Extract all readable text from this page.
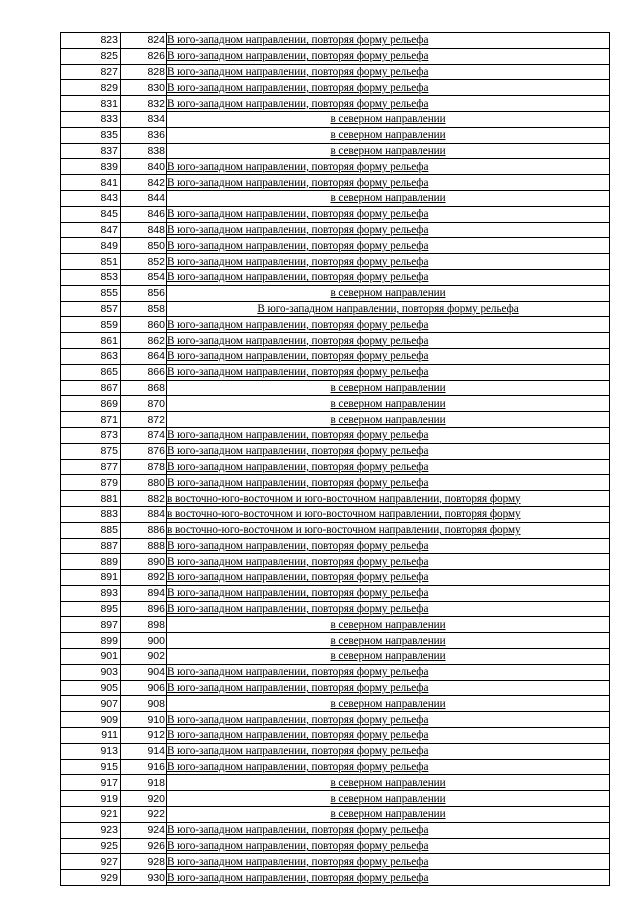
823	824	В юго-западном направлении, повторяя форму рельефа
825	826	В юго-западном направлении, повторяя форму рельефа
827	828	В юго-западном направлении, повторяя форму рельефа
829	830	В юго-западном направлении, повторяя форму рельефа
831	832	В юго-западном направлении, повторяя форму рельефа
833	834	в северном направлении
835	836	в северном направлении
837	838	в северном направлении
839	840	В юго-западном направлении, повторяя форму рельефа
841	842	В юго-западном направлении, повторяя форму рельефа
843	844	в северном направлении
845	846	В юго-западном направлении, повторяя форму рельефа
847	848	В юго-западном направлении, повторяя форму рельефа
849	850	В юго-западном направлении, повторяя форму рельефа
851	852	В юго-западном направлении, повторяя форму рельефа
853	854	В юго-западном направлении, повторяя форму рельефа
855	856	в северном направлении
857	858	В юго-западном направлении, повторяя форму рельефа
859	860	В юго-западном направлении, повторяя форму рельефа
861	862	В юго-западном направлении, повторяя форму рельефа
863	864	В юго-западном направлении, повторяя форму рельефа
865	866	В юго-западном направлении, повторяя форму рельефа
867	868	в северном направлении
869	870	в северном направлении
871	872	в северном направлении
873	874	В юго-западном направлении, повторяя форму рельефа
875	876	В юго-западном направлении, повторяя форму рельефа
877	878	В юго-западном направлении, повторяя форму рельефа
879	880	В юго-западном направлении, повторяя форму рельефа
881	882	в восточно-юго-восточном и юго-восточном направлении, повторяя форму
883	884	в восточно-юго-восточном и юго-восточном направлении, повторяя форму
885	886	в восточно-юго-восточном и юго-восточном направлении, повторяя форму
887	888	В юго-западном направлении, повторяя форму рельефа
889	890	В юго-западном направлении, повторяя форму рельефа
891	892	В юго-западном направлении, повторяя форму рельефа
893	894	В юго-западном направлении, повторяя форму рельефа
895	896	В юго-западном направлении, повторяя форму рельефа
897	898	в северном направлении
899	900	в северном направлении
901	902	в северном направлении
903	904	В юго-западном направлении, повторяя форму рельефа
905	906	В юго-западном направлении, повторяя форму рельефа
907	908	в северном направлении
909	910	В юго-западном направлении, повторяя форму рельефа
911	912	В юго-западном направлении, повторяя форму рельефа
913	914	В юго-западном направлении, повторяя форму рельефа
915	916	В юго-западном направлении, повторяя форму рельефа
917	918	в северном направлении
919	920	в северном направлении
921	922	в северном направлении
923	924	В юго-западном направлении, повторяя форму рельефа
925	926	В юго-западном направлении, повторяя форму рельефа
927	928	В юго-западном направлении, повторяя форму рельефа
929	930	В юго-западном направлении, повторяя форму рельефа
